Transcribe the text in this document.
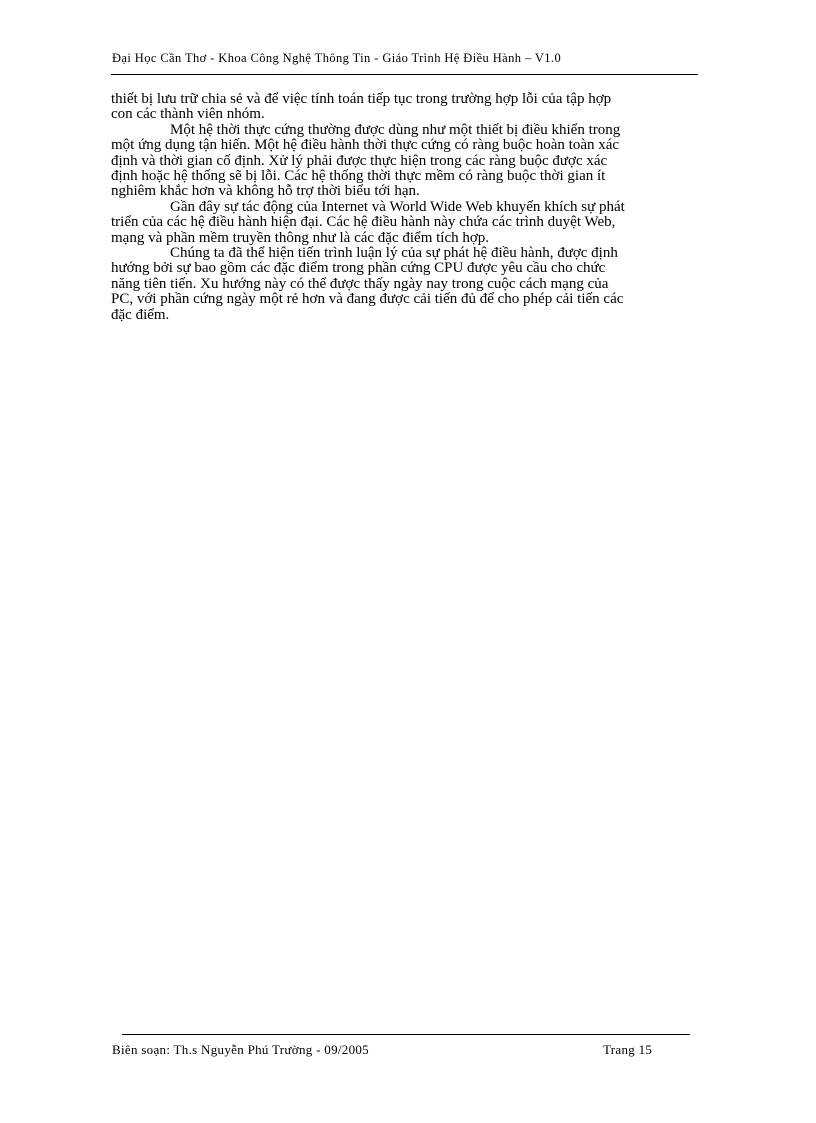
Đại Học Cần Thơ - Khoa Công Nghệ Thông Tin - Giáo Trình Hệ Điều Hành – V1.0

thiết bị lưu trữ chia sẻ và để việc tính toán tiếp tục trong trường hợp lỗi của tập hợp
con các thành viên nhóm.

Một hệ thời thực cứng thường được dùng như một thiết bị điều khiển trong
một ứng dụng tận hiến. Một hệ điều hành thời thực cứng có ràng buộc hoàn toàn xác
định và thời gian cố định. Xử lý phải được thực hiện trong các ràng buộc được xác
định hoặc hệ thống sẽ bị lỗi. Các hệ thống thời thực mềm có ràng buộc thời gian ít
nghiêm khắc hơn và không hỗ trợ thời biểu tới hạn.

Gần đây sự tác động của Internet và World Wide Web khuyến khích sự phát
triển của các hệ điều hành hiện đại. Các hệ điều hành này chứa các trình duyệt Web,
mạng và phần mềm truyền thông như là các đặc điểm tích hợp.

Chúng ta đã thể hiện tiến trình luận lý của sự phát hệ điều hành, được định
hướng bởi sự bao gồm các đặc điểm trong phần cứng CPU được yêu cầu cho chức
năng tiên tiến. Xu hướng này có thể được thấy ngày nay trong cuộc cách mạng của
PC, với phần cứng ngày một rẻ hơn và đang được cải tiến đủ để cho phép cải tiến các
đặc điểm.

Biên soạn: Th.s Nguyễn Phú Trường - 09/2005	Trang 15
